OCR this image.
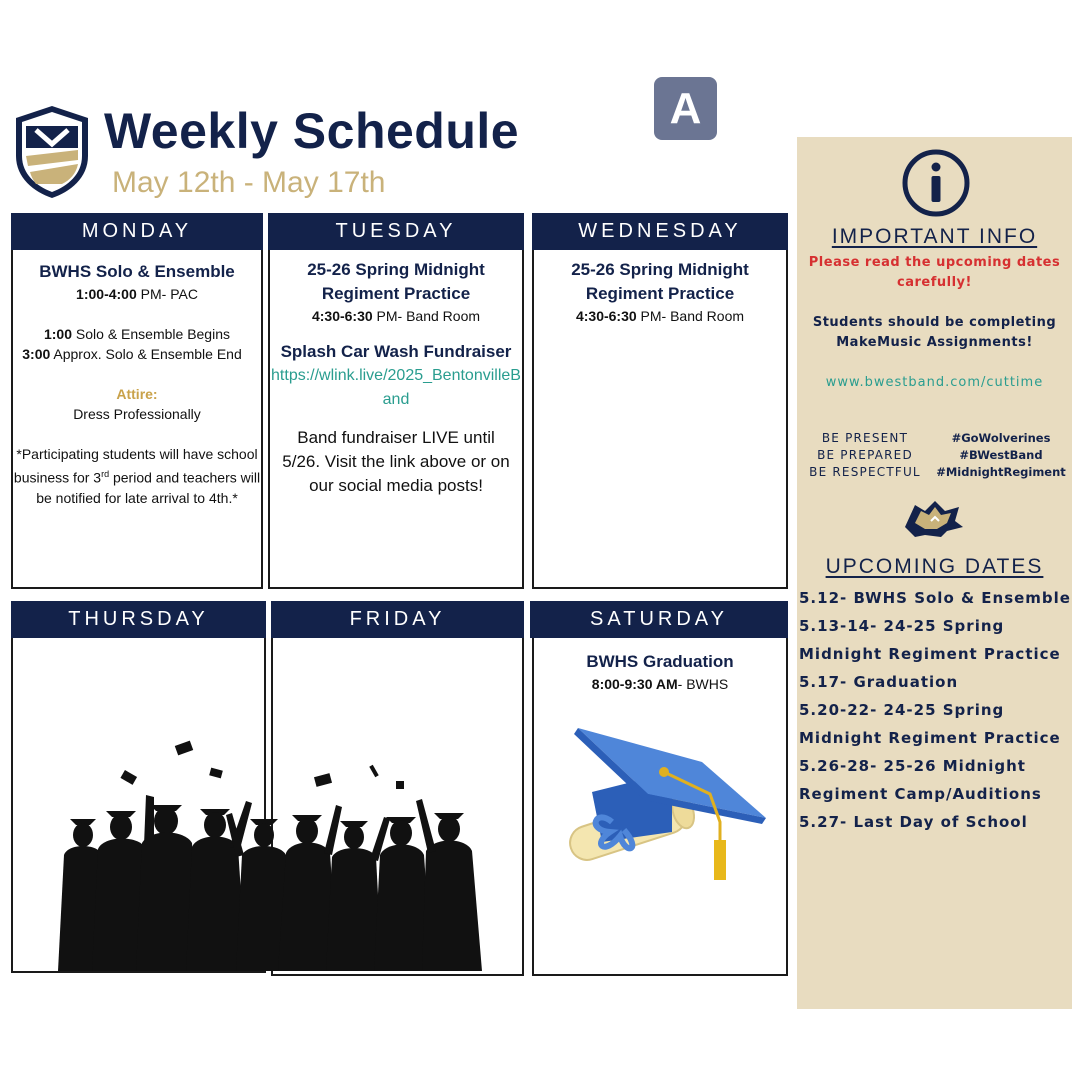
Weekly Schedule
May 12th - May 17th
A
MONDAY
BWHS Solo & Ensemble
1:00-4:00 PM- PAC
1:00 Solo & Ensemble Begins
3:00 Approx. Solo & Ensemble End
Attire:
Dress Professionally
*Participating students will have school business for 3rd period and teachers will be notified for late arrival to 4th.*
TUESDAY
25-26 Spring Midnight Regiment Practice
4:30-6:30 PM- Band Room
Splash Car Wash Fundraiser
https://wlink.live/2025_BentonvilleBand
Band fundraiser LIVE until 5/26. Visit the link above or on our social media posts!
WEDNESDAY
25-26 Spring Midnight Regiment Practice
4:30-6:30 PM- Band Room
THURSDAY	FRIDAY	SATURDAY
BWHS Graduation
8:00-9:30 AM- BWHS
IMPORTANT INFO
Please read the upcoming dates carefully!
Students should be completing MakeMusic Assignments!
www.bwestband.com/cuttime
BE PRESENT
BE PREPARED
BE RESPECTFUL
#GoWolverines
#BWestBand
#MidnightRegiment
UPCOMING DATES
5.12- BWHS Solo & Ensemble
5.13-14- 24-25 Spring
Midnight Regiment Practice
5.17- Graduation
5.20-22- 24-25 Spring
Midnight Regiment Practice
5.26-28- 25-26 Midnight
Regiment Camp/Auditions
5.27- Last Day of School
